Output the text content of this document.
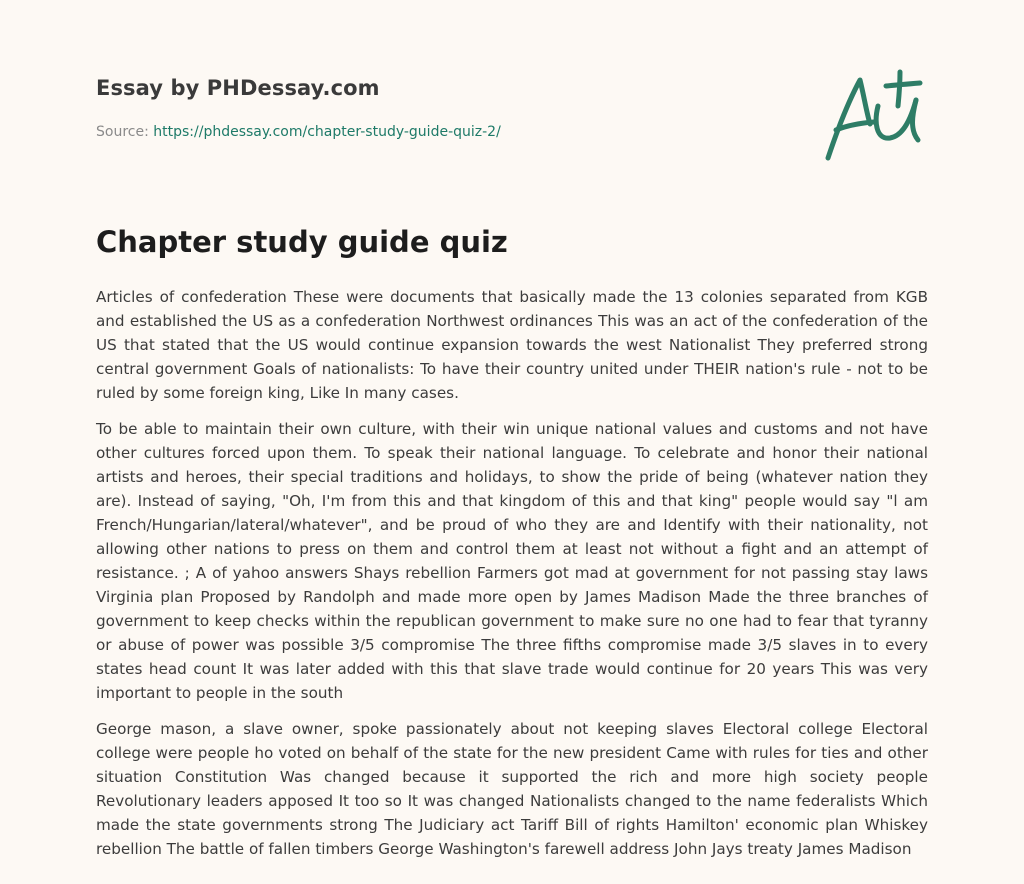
Essay by PHDessay.com

Source: https://phdessay.com/chapter-study-guide-quiz-2/

Chapter study guide quiz

Articles of confederation These were documents that basically made the 13 colonies separated from KGB and established the US as a confederation Northwest ordinances This was an act of the confederation of the US that stated that the US would continue expansion towards the west Nationalist They preferred strong central government Goals of nationalists: To have their country united under THEIR nation's rule - not to be ruled by some foreign king, Like In many cases.

To be able to maintain their own culture, with their win unique national values and customs and not have other cultures forced upon them. To speak their national language. To celebrate and honor their national artists and heroes, their special traditions and holidays, to show the pride of being (whatever nation they are). Instead of saying, "Oh, I'm from this and that kingdom of this and that king" people would say "l am French/Hungarian/lateral/whatever", and be proud of who they are and Identify with their nationality, not allowing other nations to press on them and control them at least not without a fight and an attempt of resistance. ; A of yahoo answers Shays rebellion Farmers got mad at government for not passing stay laws Virginia plan Proposed by Randolph and made more open by James Madison Made the three branches of government to keep checks within the republican government to make sure no one had to fear that tyranny or abuse of power was possible 3/5 compromise The three fifths compromise made 3/5 slaves in to every states head count It was later added with this that slave trade would continue for 20 years This was very important to people in the south

George mason, a slave owner, spoke passionately about not keeping slaves Electoral college Electoral college were people ho voted on behalf of the state for the new president Came with rules for ties and other situation Constitution Was changed because it supported the rich and more high society people Revolutionary leaders apposed It too so It was changed Nationalists changed to the name federalists Which made the state governments strong The Judiciary act Tariff Bill of rights Hamilton' economic plan Whiskey rebellion The battle of fallen timbers George Washington's farewell address John Jays treaty James Madison
